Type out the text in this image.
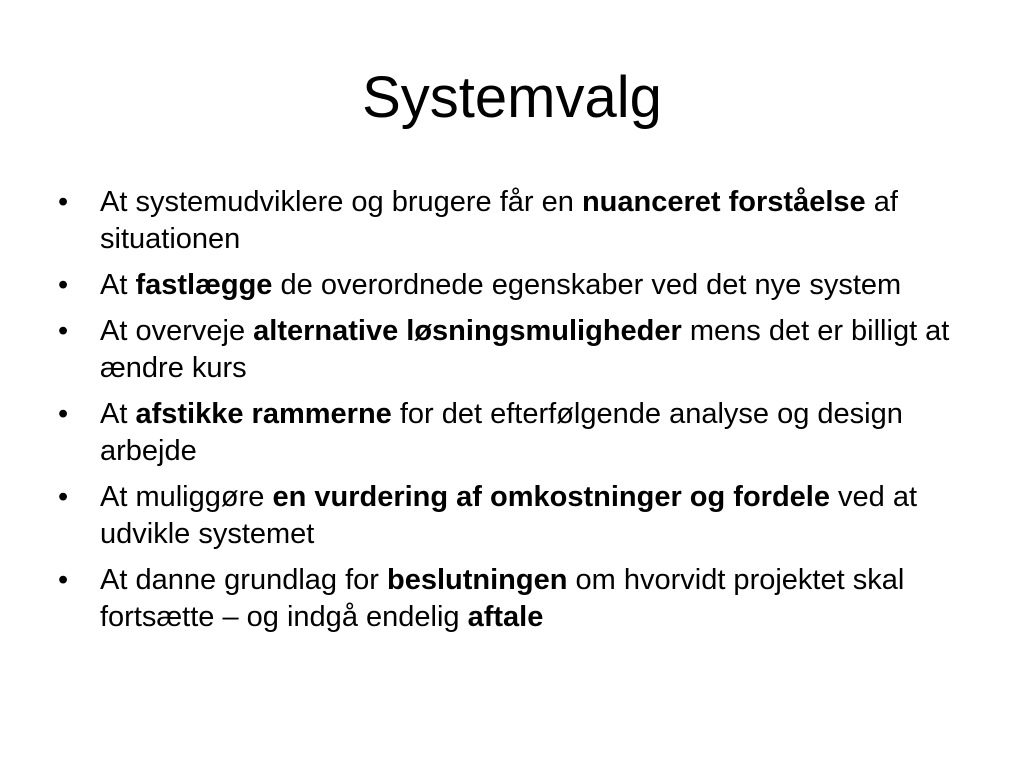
Systemvalg
•	At systemudviklere og brugere får en nuanceret forståelse af situationen
•	At fastlægge de overordnede egenskaber ved det nye system
•	At overveje alternative løsningsmuligheder mens det er billigt at ændre kurs
•	At afstikke rammerne for det efterfølgende analyse og design arbejde
•	At muliggøre en vurdering af omkostninger og fordele ved at udvikle systemet
•	At danne grundlag for beslutningen om hvorvidt projektet skal fortsætte – og indgå endelig aftale
